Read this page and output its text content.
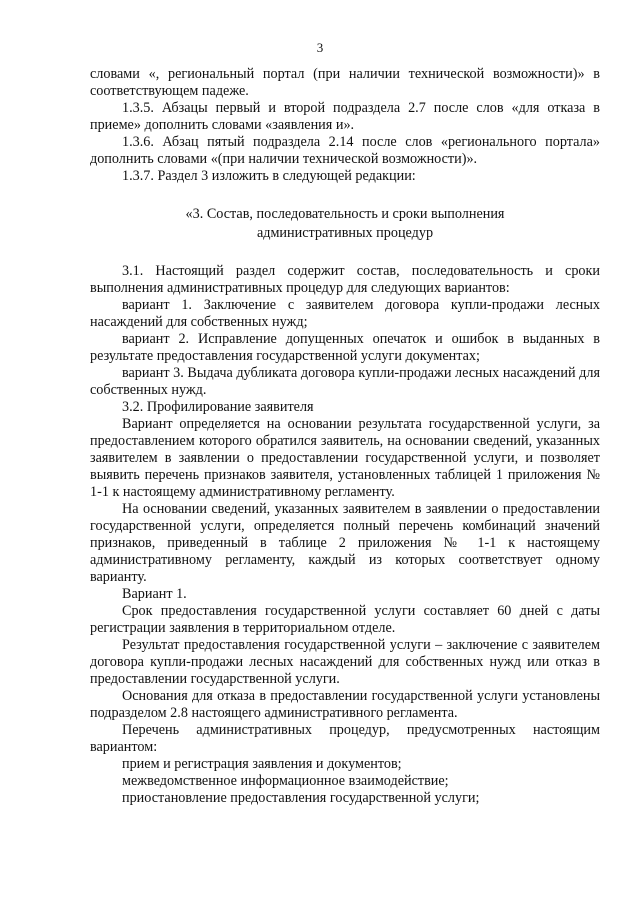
3

словами «, региональный портал (при наличии технической возможности)» в соответствующем падеже.

1.3.5. Абзацы первый и второй подраздела 2.7 после слов «для отказа в приеме» дополнить словами «заявления и».

1.3.6. Абзац пятый подраздела 2.14 после слов «регионального портала» дополнить словами «(при наличии технической возможности)».

1.3.7. Раздел 3 изложить в следующей редакции:

«3. Состав, последовательность и сроки выполнения
административных процедур

3.1. Настоящий раздел содержит состав, последовательность и сроки выполнения административных процедур для следующих вариантов:

вариант 1. Заключение с заявителем договора купли-продажи лесных насаждений для собственных нужд;

вариант 2. Исправление допущенных опечаток и ошибок в выданных в результате предоставления государственной услуги документах;

вариант 3. Выдача дубликата договора купли-продажи лесных насаждений для собственных нужд.

3.2. Профилирование заявителя

Вариант определяется на основании результата государственной услуги, за предоставлением которого обратился заявитель, на основании сведений, указанных заявителем в заявлении о предоставлении государственной услуги, и позволяет выявить перечень признаков заявителя, установленных таблицей 1 приложения № 1-1 к настоящему административному регламенту.

На основании сведений, указанных заявителем в заявлении о предоставлении государственной услуги, определяется полный перечень комбинаций значений признаков, приведенный в таблице 2 приложения № 1-1 к настоящему административному регламенту, каждый из которых соответствует одному варианту.

Вариант 1.

Срок предоставления государственной услуги составляет 60 дней с даты регистрации заявления в территориальном отделе.

Результат предоставления государственной услуги – заключение с заявителем договора купли-продажи лесных насаждений для собственных нужд или отказ в предоставлении государственной услуги.

Основания для отказа в предоставлении государственной услуги установлены подразделом 2.8 настоящего административного регламента.

Перечень административных процедур, предусмотренных настоящим вариантом:

прием и регистрация заявления и документов;

межведомственное информационное взаимодействие;

приостановление предоставления государственной услуги;
